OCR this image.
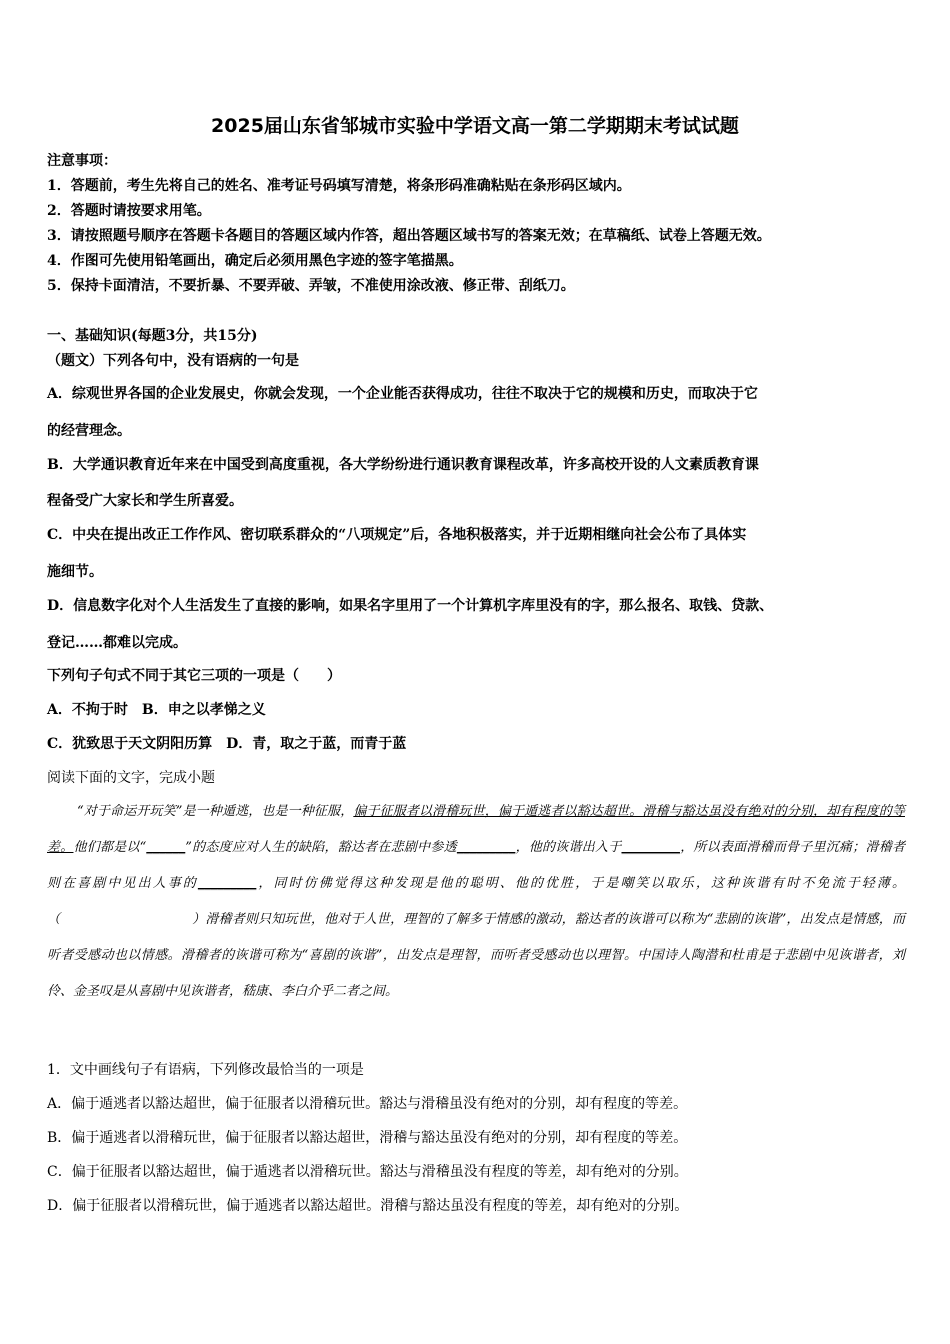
2025届山东省邹城市实验中学语文高一第二学期期末考试试题
注意事项：
1．答题前，考生先将自己的姓名、准考证号码填写清楚，将条形码准确粘贴在条形码区域内。
2．答题时请按要求用笔。
3．请按照题号顺序在答题卡各题目的答题区域内作答，超出答题区域书写的答案无效；在草稿纸、试卷上答题无效。
4．作图可先使用铅笔画出，确定后必须用黑色字迹的签字笔描黑。
5．保持卡面清洁，不要折暴、不要弄破、弄皱，不准使用涂改液、修正带、刮纸刀。
一、基础知识(每题3分，共15分)
（题文）下列各句中，没有语病的一句是
A．综观世界各国的企业发展史，你就会发现，一个企业能否获得成功，往往不取决于它的规模和历史，而取决于它
的经营理念。
B．大学通识教育近年来在中国受到高度重视，各大学纷纷进行通识教育课程改革，许多高校开设的人文素质教育课
程备受广大家长和学生所喜爱。
C．中央在提出改正工作作风、密切联系群众的“八项规定”后，各地积极落实，并于近期相继向社会公布了具体实
施细节。
D．信息数字化对个人生活发生了直接的影响，如果名字里用了一个计算机字库里没有的字，那么报名、取钱、贷款、
登记……都难以完成。
下列句子句式不同于其它三项的一项是（　　）
A．不拘于时　B．申之以孝悌之义
C．犹致思于天文阴阳历算　D．青，取之于蓝，而青于蓝
阅读下面的文字，完成小题
“对于命运开玩笑”是一种遁逃，也是一种征服，偏于征服者以滑稽玩世，偏于遁逃者以豁达超世。滑稽与豁达虽没有绝对的分别，却有程度的等差。他们都是以“______”的态度应对人生的缺陷，豁达者在悲剧中参透_________，他的诙谐出入于_________，所以表面滑稽而骨子里沉痛；滑稽者则在喜剧中见出人事的_________，同时仿佛觉得这种发现是他的聪明、他的优胜，于是嘲笑以取乐，这种诙谐有时不免流于轻薄。（　　　　　　　　　　）滑稽者则只知玩世，他对于人世，理智的了解多于情感的激动，豁达者的诙谐可以称为“悲剧的诙谐”，出发点是情感，而听者受感动也以情感。滑稽者的诙谐可称为“喜剧的诙谐”，出发点是理智，而听者受感动也以理智。中国诗人陶潜和杜甫是于悲剧中见诙谐者，刘伶、金圣叹是从喜剧中见诙谐者，嵇康、李白介乎二者之间。
1．文中画线句子有语病，下列修改最恰当的一项是
A．偏于遁逃者以豁达超世，偏于征服者以滑稽玩世。豁达与滑稽虽没有绝对的分别，却有程度的等差。
B．偏于遁逃者以滑稽玩世，偏于征服者以豁达超世，滑稽与豁达虽没有绝对的分别，却有程度的等差。
C．偏于征服者以豁达超世，偏于遁逃者以滑稽玩世。豁达与滑稽虽没有程度的等差，却有绝对的分别。
D．偏于征服者以滑稽玩世，偏于遁逃者以豁达超世。滑稽与豁达虽没有程度的等差，却有绝对的分别。
